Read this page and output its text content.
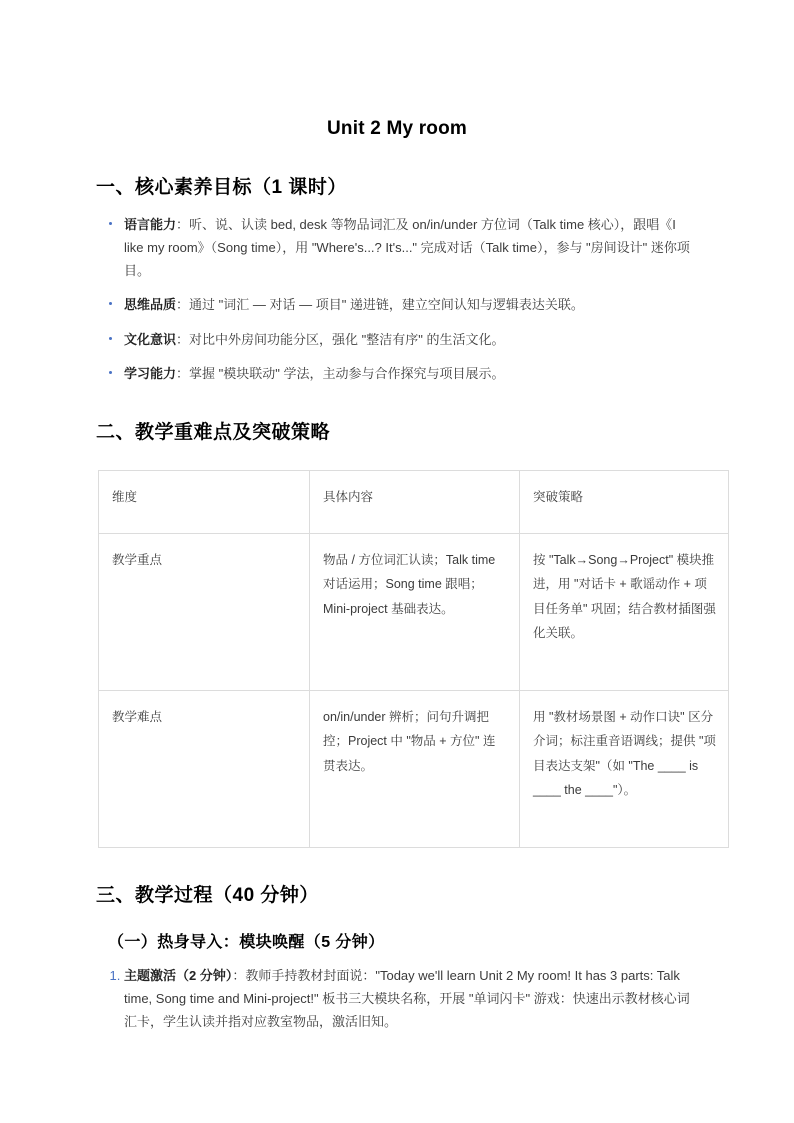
Unit 2 My room
一、核心素养目标（1 课时）
语言能力：听、说、认读 bed, desk 等物品词汇及 on/in/under 方位词（Talk time 核心），跟唱《I like my room》（Song time），用 "Where's...? It's..." 完成对话（Talk time），参与 "房间设计" 迷你项目。
思维品质：通过 "词汇 — 对话 — 项目" 递进链，建立空间认知与逻辑表达关联。
文化意识：对比中外房间功能分区，强化 "整洁有序" 的生活文化。
学习能力：掌握 "模块联动" 学法，主动参与合作探究与项目展示。
二、教学重难点及突破策略
维度	具体内容	突破策略
教学重点	物品 / 方位词汇认读；Talk time 对话运用；Song time 跟唱；Mini-project 基础表达。	按 "Talk→Song→Project" 模块推进，用 "对话卡 + 歌谣动作 + 项目任务单" 巩固；结合教材插图强化关联。
教学难点	on/in/under 辨析；问句升调把控；Project 中 "物品 + 方位" 连贯表达。	用 "教材场景图 + 动作口诀" 区分介词；标注重音语调线；提供 "项目表达支架"（如 "The ____ is ____ the ____"）。
三、教学过程（40 分钟）
（一）热身导入：模块唤醒（5 分钟）
1. 主题激活（2 分钟）：教师手持教材封面说："Today we'll learn Unit 2 My room! It has 3 parts: Talk time, Song time and Mini-project!" 板书三大模块名称，开展 "单词闪卡" 游戏：快速出示教材核心词汇卡，学生认读并指对应教室物品，激活旧知。
